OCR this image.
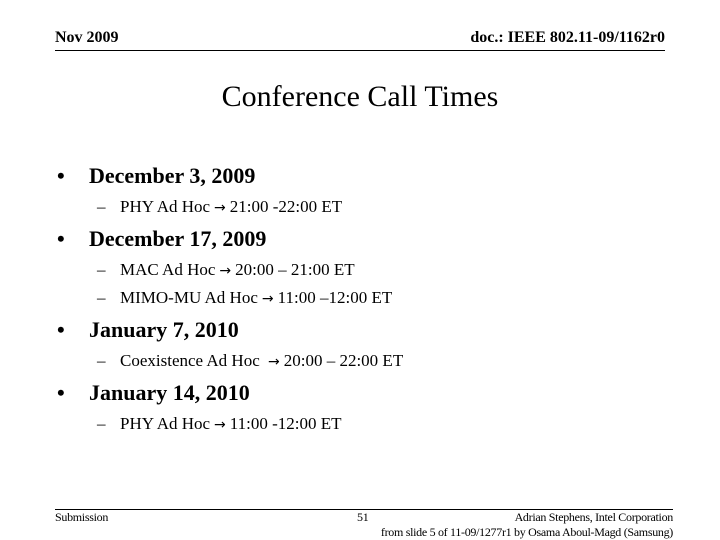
Nov 2009	doc.: IEEE 802.11-09/1162r0
Conference Call Times
• December 3, 2009
– PHY Ad Hoc → 21:00 -22:00 ET
• December 17, 2009
– MAC Ad Hoc → 20:00 – 21:00 ET
– MIMO-MU Ad Hoc → 11:00 –12:00 ET
• January 7, 2010
– Coexistence Ad Hoc → 20:00 – 22:00 ET
• January 14, 2010
– PHY Ad Hoc → 11:00 -12:00 ET
Submission	51	Adrian Stephens, Intel Corporation
from slide 5 of 11-09/1277r1 by Osama Aboul-Magd (Samsung)
